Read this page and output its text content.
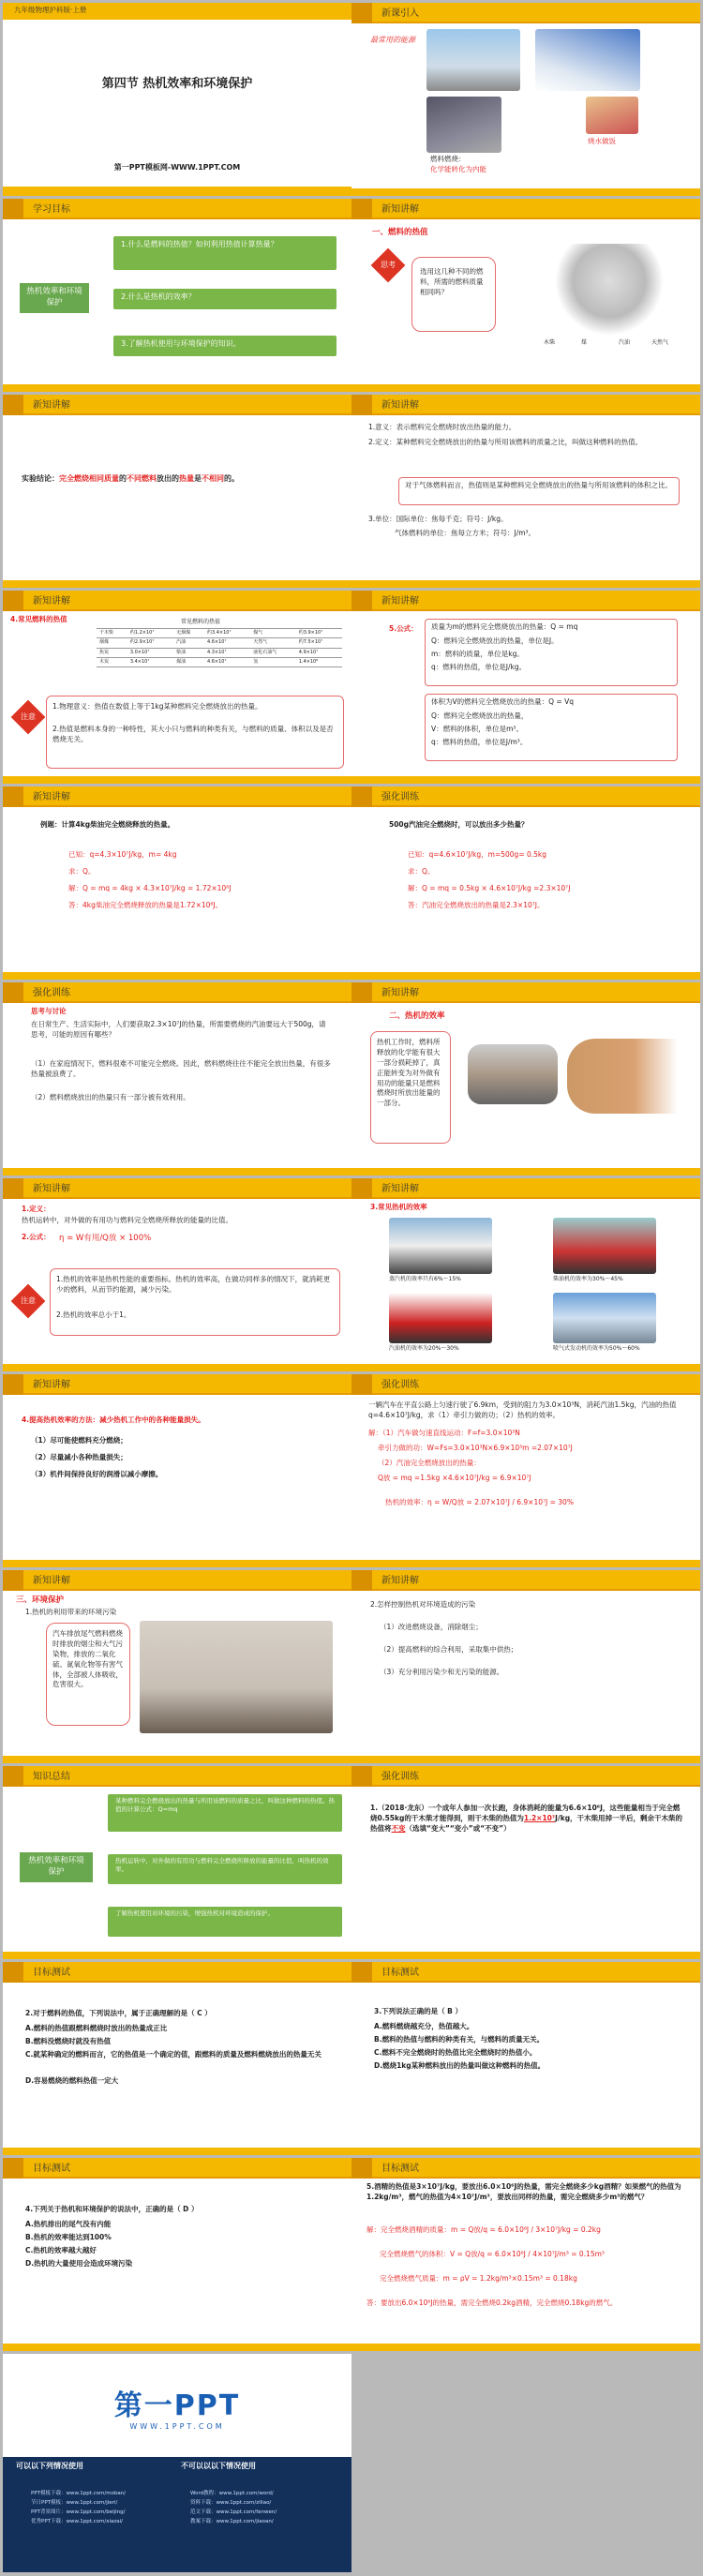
九年级物理沪科版·上册
第四节 热机效率和环境保护
第一PPT模板网-WWW.1PPT.COM
新课引入
最常用的能源
燃料燃烧：
化学能转化为内能
烧水做饭
学习目标
热机效率和环境保护
1.什么是燃料的热值？如何利用热值计算热量？
2.什么是热机的效率？
3.了解热机使用与环境保护的知识。
新知讲解
一、燃料的热值
思考
选用这几种不同的燃料，所需的燃料质量相同吗？
木柴	煤	汽油	天然气
新知讲解
实验结论：完全燃烧相同质量的不同燃料放出的热量是不相同的。
新知讲解
1.意义：表示燃料完全燃烧时放出热量的能力。
2.定义：某种燃料完全燃烧放出的热量与所用该燃料的质量之比，叫做这种燃料的热值。
对于气体燃料而言，热值则是某种燃料完全燃烧放出的热量与所用该燃料的体积之比。
3.单位：国际单位：焦每千克；符号：J/kg。
气体燃料的单位：焦每立方米；符号：J/m³。
新知讲解
4.常见燃料的热值	常见燃料的热值
干木柴	约1.2×10⁷	无烟煤	约3.4×10⁷	煤气	约3.9×10⁷
烟煤	约2.9×10⁷	汽油	4.6×10⁷	天然气	约7.5×10⁷
焦炭	3.0×10⁷	柴油	4.3×10⁷	液化石油气	4.9×10⁷
木炭	3.4×10⁷	煤油	4.6×10⁷	氢	1.4×10⁸
注意
1.物理意义：热值在数值上等于1kg某种燃料完全燃烧放出的热量。
2.热值是燃料本身的一种特性，其大小只与燃料的种类有关，与燃料的质量、体积以及是否燃烧无关。
新知讲解
5.公式： 质量为m的燃料完全燃烧放出的热量：Q = mq
Q：燃料完全燃烧放出的热量，单位是J。
m：燃料的质量，单位是kg。
q：燃料的热值，单位是J/kg。
体积为V的燃料完全燃烧放出的热量：Q = Vq
Q：燃料完全燃烧放出的热量，
V：燃料的体积，单位是m³。
q：燃料的热值，单位是J/m³。
新知讲解
例题：计算4kg柴油完全燃烧释放的热量。
已知：q=4.3×10⁷J/kg，m= 4kg
求：Q。
解：Q = mq = 4kg × 4.3×10⁷J/kg = 1.72×10⁸J
答：4kg柴油完全燃烧释放的热量是1.72×10⁸J。
强化训练
500g汽油完全燃烧时，可以放出多少热量？
已知：q=4.6×10⁷J/kg，m=500g= 0.5kg
求：Q。
解：Q = mq = 0.5kg × 4.6×10⁷J/kg =2.3×10⁷J
答：汽油完全燃烧放出的热量是2.3×10⁷J。
强化训练
思考与讨论
在日常生产、生活实际中，人们要获取2.3×10⁷J的热量，所需要燃烧的汽油要远大于500g，请思考，可能的原因有哪些？
（1）在家庭情况下，燃料很难不可能完全燃烧。因此，燃料燃烧往往不能完全放出热量，有很多热量被浪费了。
（2）燃料燃烧放出的热量只有一部分被有效利用。
新知讲解
二、热机的效率
热机工作时，燃料所释放的化学能有很大一部分损耗掉了，真正能转变为对外做有用功的能量只是燃料燃烧时所放出能量的一部分。
新知讲解
1.定义：
热机运转中，对外做的有用功与燃料完全燃烧所释放的能量的比值。
2.公式： η = W有用/Q放 × 100%
注意
1.热机的效率是热机性能的重要指标。热机的效率高，在做功同样多的情况下，就消耗更少的燃料，从而节约能源，减少污染。
2.热机的效率总小于1。
新知讲解
3.常见热机的效率
蒸汽机的效率只有6%～15%	柴油机的效率为30%～45%
汽油机的效率为20%～30%	喷气式发动机的效率为50%～60%
新知讲解
4.提高热机效率的方法：减少热机工作中的各种能量损失。
（1）尽可能使燃料充分燃烧；
（2）尽量减小各种热量损失；
（3）机件间保持良好的润滑以减小摩擦。
强化训练
一辆汽车在平直公路上匀速行驶了6.9km，受到的阻力为3.0×10³N，消耗汽油1.5kg，汽油的热值q=4.6×10⁷J/kg，求（1）牵引力做的功；（2）热机的效率。
解：（1）汽车做匀速直线运动：F=f=3.0×10³N
牵引力做的功：W=Fs=3.0×10³N×6.9×10³m =2.07×10⁷J
（2）汽油完全燃烧放出的热量：
Q放 = mq =1.5kg ×4.6×10⁷J/kg = 6.9×10⁷J
热机的效率：η = W/Q放 = 2.07×10⁷J / 6.9×10⁷J = 30%
新知讲解
三、环境保护
1.热机的利用带来的环境污染
汽车排放尾气燃料燃烧时排放的烟尘和大气污染物，排放的二氧化硫、氮氧化物等有害气体，全部被人体吸收，危害很大。
新知讲解
2.怎样控制热机对环境造成的污染
（1）改进燃烧设备，消除烟尘；
（2）提高燃料的综合利用，采取集中供热；
（3）充分利用污染少和无污染的能源。
知识总结
热机效率和环境保护
某种燃料完全燃烧放出的热量与所用该燃料的质量之比，叫做这种燃料的热值。热值的计算公式：Q=mq
热机运转中，对外做的有用功与燃料完全燃烧所释放的能量的比值，叫热机的效率。
了解热机使用对环境的污染，增强热机对环境造成的保护。
强化训练
1.（2018·龙东）一个成年人参加一次长跑，身体消耗的能量为6.6×10⁶J，这些能量相当于完全燃烧0.55kg的干木柴才能得到，则干木柴的热值为1.2×10⁷J/kg，干木柴用掉一半后，剩余干木柴的热值将不变（选填“变大”“变小”或“不变”）
目标测试
2.对于燃料的热值，下列说法中，属于正确理解的是（ C ）
A.燃料的热值跟燃料燃烧时放出的热量成正比
B.燃料没燃烧时就没有热值
C.就某种确定的燃料而言，它的热值是一个确定的值，跟燃料的质量及燃料燃烧放出的热量无关
D.容易燃烧的燃料热值一定大
目标测试
3.下列说法正确的是（ B ）
A.燃料燃烧越充分，热值越大。
B.燃料的热值与燃料的种类有关，与燃料的质量无关。
C.燃料不完全燃烧时的热值比完全燃烧时的热值小。
D.燃烧1kg某种燃料放出的热量叫做这种燃料的热值。
目标测试
4.下列关于热机和环境保护的说法中，正确的是（ D ）
A.热机排出的尾气没有内能
B.热机的效率能达到100%
C.热机的效率越大越好
D.热机的大量使用会造成环境污染
目标测试
5.酒精的热值是3×10⁷J/kg，要放出6.0×10⁶J的热量，需完全燃烧多少kg酒精？如果燃气的热值为1.2kg/m³，燃气的热值为4×10⁷J/m³，要放出同样的热量，需完全燃烧多少m³的燃气？
解：完全燃烧酒精的质量：m = Q放/q = 6.0×10⁶J / 3×10⁷J/kg = 0.2kg
完全燃烧燃气的体积：V = Q放/q = 6.0×10⁶J / 4×10⁷J/m³ = 0.15m³
完全燃烧燃气质量：m = ρV = 1.2kg/m³×0.15m³ = 0.18kg
答：要放出6.0×10⁶J的热量，需完全燃烧0.2kg酒精，完全燃烧0.18kg的燃气。
第一PPT
WWW.1PPT.COM
可以以下列情况使用	不可以以以下情况使用
PPT模板下载：www.1ppt.com/moban/
节日PPT模板：www.1ppt.com/jieri/
PPT背景图片：www.1ppt.com/beijing/
优秀PPT下载：www.1ppt.com/xiazai/
Word教程：www.1ppt.com/word/
资料下载：www.1ppt.com/ziliao/
范文下载：www.1ppt.com/fanwen/
教案下载：www.1ppt.com/jiaoan/
